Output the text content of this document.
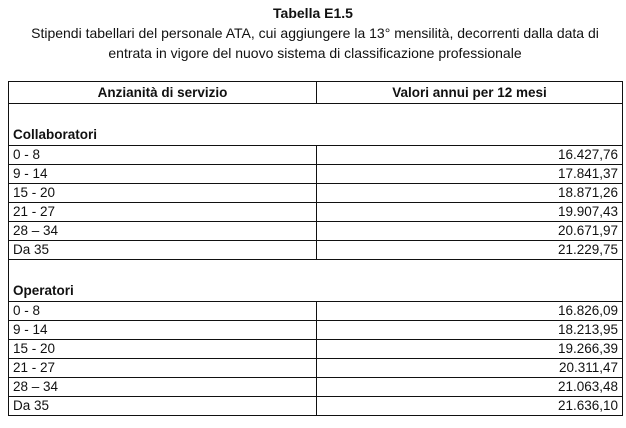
Tabella E1.5
Stipendi tabellari del personale ATA, cui aggiungere la 13° mensilità, decorrenti dalla data di entrata in vigore del nuovo sistema di classificazione professionale
Anzianità di servizio	Valori annui per 12 mesi
Collaboratori	
0 - 8	16.427,76
9 - 14	17.841,37
15 - 20	18.871,26
21 - 27	19.907,43
28 – 34	20.671,97
Da 35	21.229,75
Operatori	
0 - 8	16.826,09
9 - 14	18.213,95
15 - 20	19.266,39
21 - 27	20.311,47
28 – 34	21.063,48
Da 35	21.636,10
